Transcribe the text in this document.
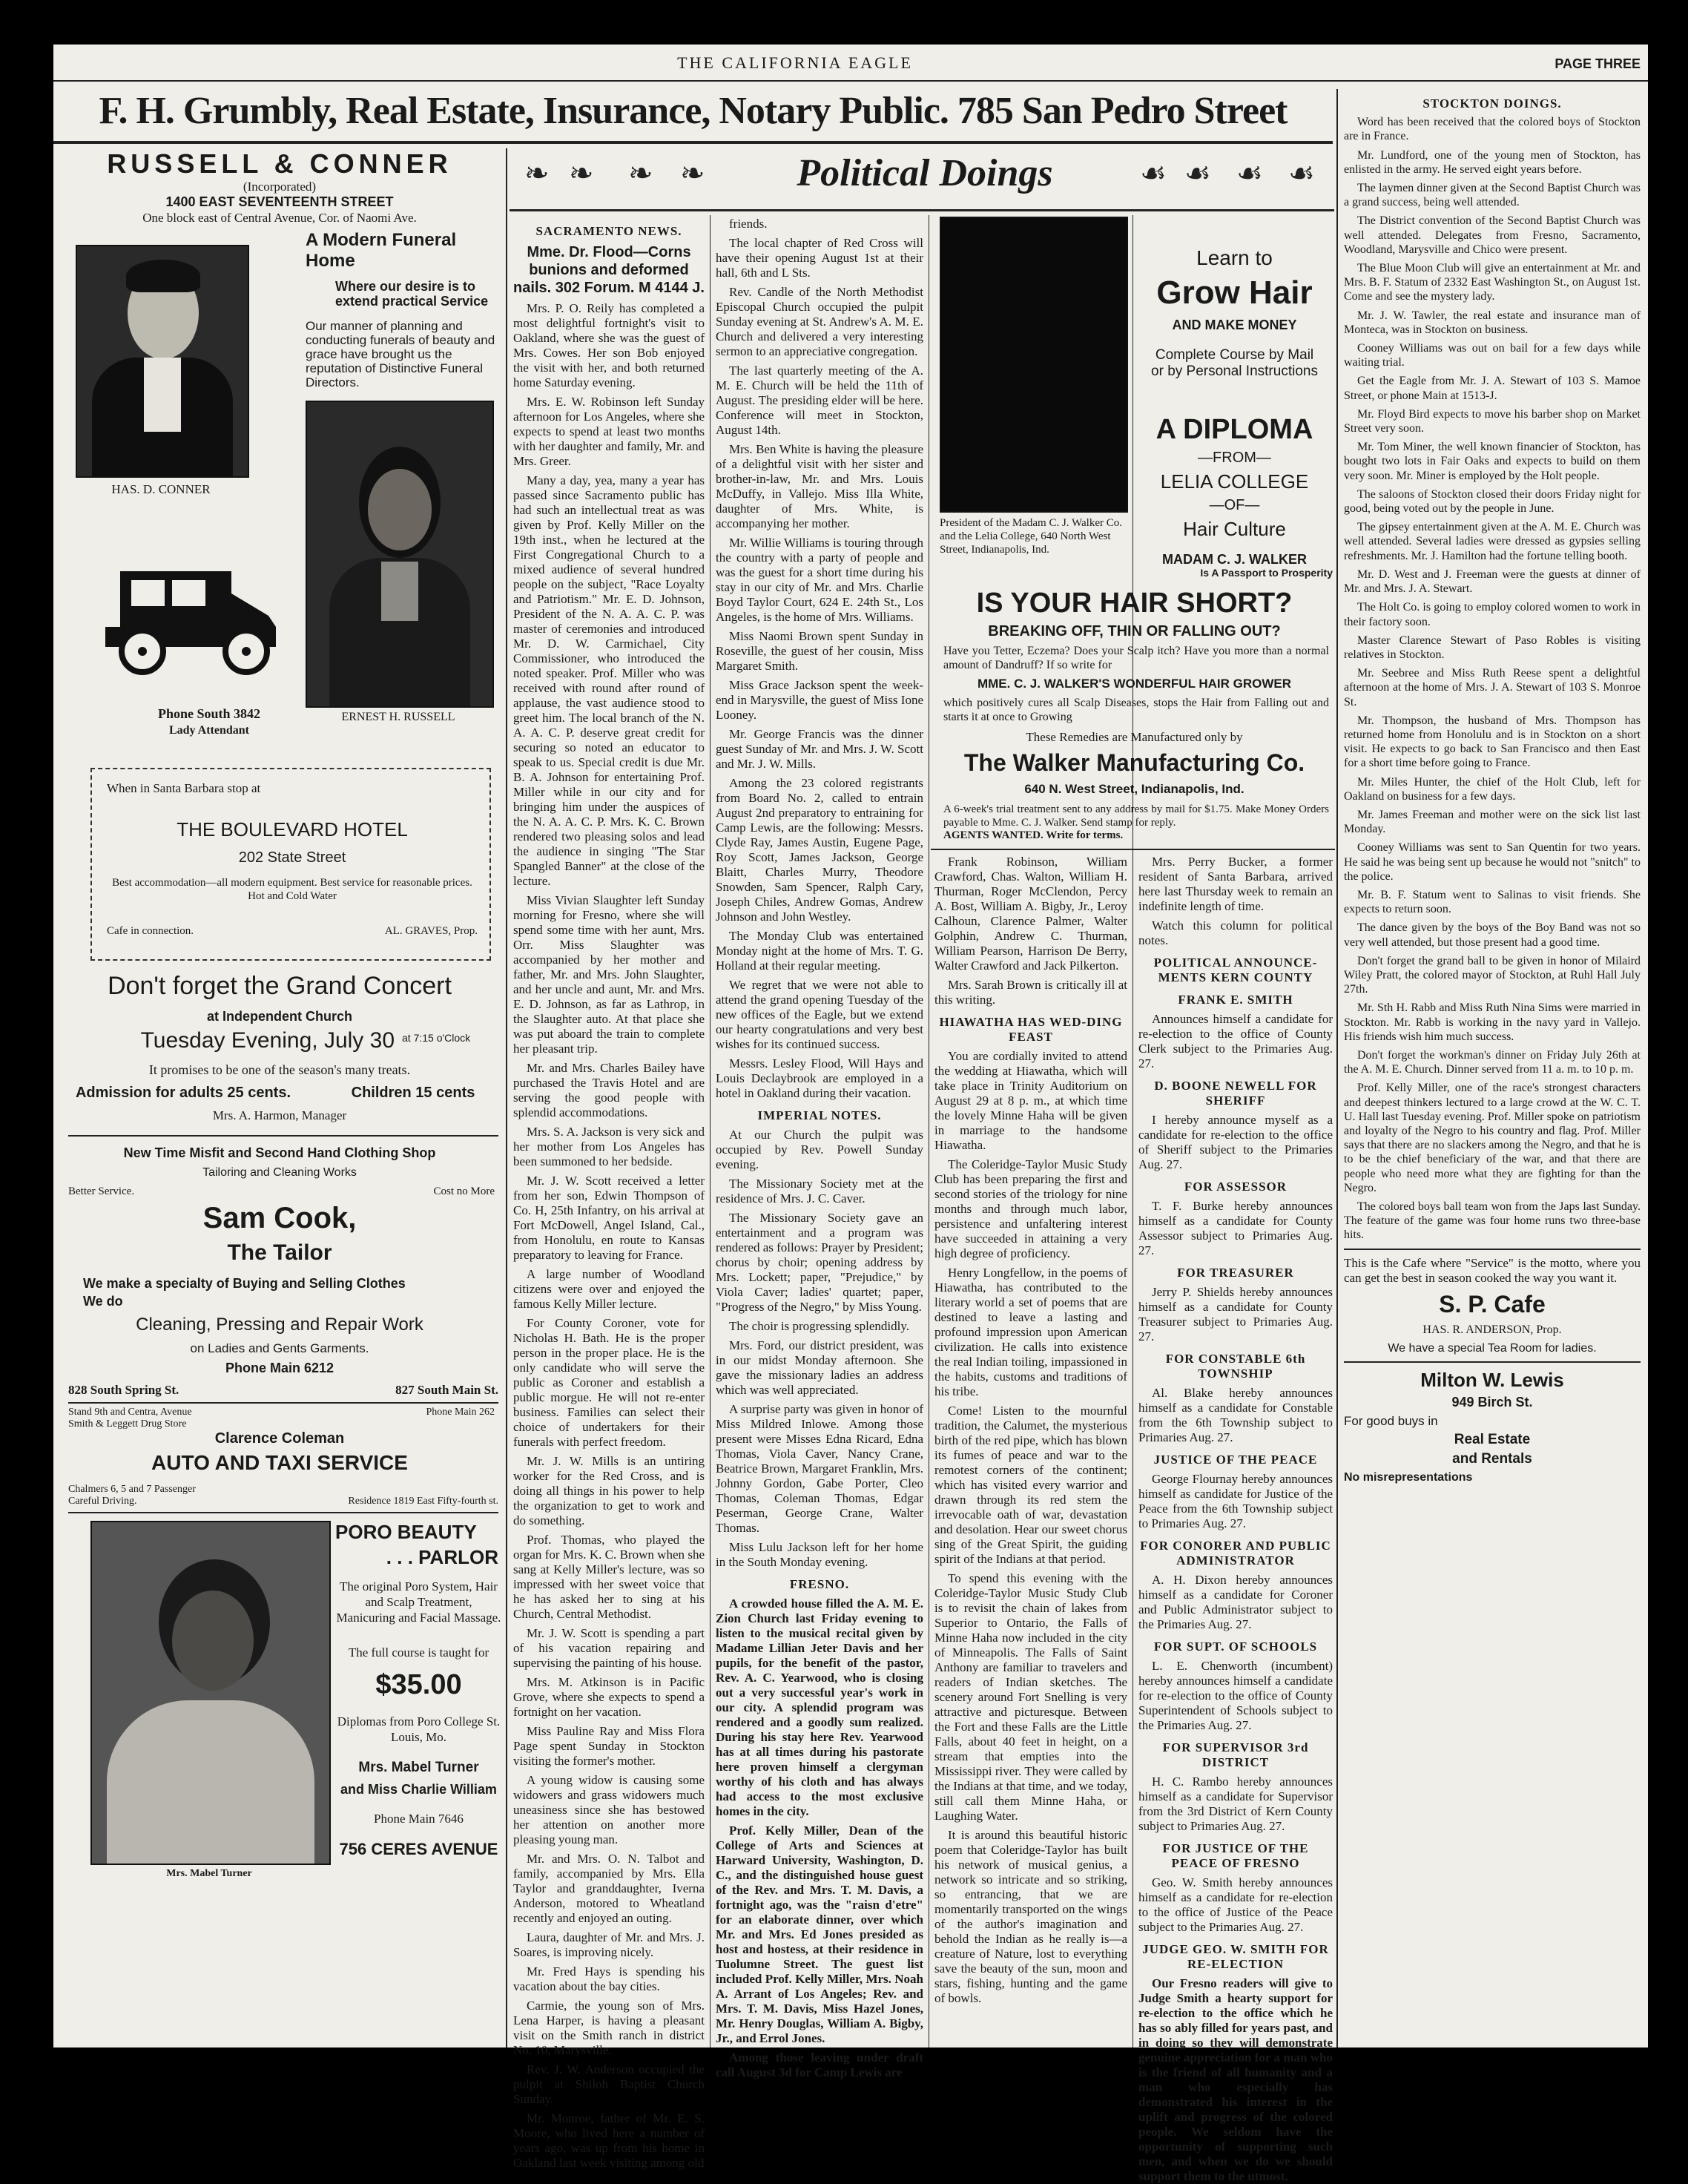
THE CALIFORNIA EAGLE	PAGE THREE
F. H. Grumbly, Real Estate, Insurance, Notary Public. 785 San Pedro Street
RUSSELL & CONNER
(Incorporated)
1400 EAST SEVENTEENTH STREET
One block east of Central Avenue, Cor. of Naomi Ave.
HAS. D. CONNER
A Modern Funeral Home
Where our desire is to extend practical Service
Our manner of planning and conducting funerals of beauty and grace have brought us the reputation of Distinctive Funeral Directors.
ERNEST H. RUSSELL
Phone South 3842
Lady Attendant
When in Santa Barbara stop at
THE BOULEVARD HOTEL
202 State Street
Best accommodation—all modern equipment. Best service for reasonable prices. Hot and Cold Water
Cafe in connection.	AL. GRAVES, Prop.
Don't forget the Grand Concert
at Independent Church
Tuesday Evening, July 30 at 7:15 o'Clock
It promises to be one of the season's many treats.
Admission for adults 25 cents.	Children 15 cents
Mrs. A. Harmon, Manager
New Time Misfit and Second Hand Clothing Shop
Tailoring and Cleaning Works
Better Service.	Cost no More
Sam Cook,
The Tailor
We make a specialty of Buying and Selling Clothes
We do
Cleaning, Pressing and Repair Work
on Ladies and Gents Garments.
Phone Main 6212
828 South Spring St.	827 South Main St.
Stand 9th and Centra, Avenue
Smith & Leggett Drug Store
Phone Main 262
Clarence Coleman
AUTO AND TAXI SERVICE
Chalmers 6, 5 and 7 Passenger
Careful Driving.	Residence 1819 East Fifty-fourth st.
Mrs. Mabel Turner
PORO BEAUTY
. . . PARLOR
The original Poro System, Hair and Scalp Treatment, Manicuring and Facial Massage.
The full course is taught for
$35.00
Diplomas from Poro College St. Louis, Mo.
Mrs. Mabel Turner
and Miss Charlie William
Phone Main 7646
756 CERES AVENUE
❧ ❧ ❧ ❧	Political Doings	☙ ☙ ☙ ☙

SACRAMENTO NEWS.

Mme. Dr. Flood—Corns bunions and deformed nails. 302 Forum. M 4144 J.

Mrs. P. O. Reily has completed a most delightful fortnight's visit to Oakland, where she was the guest of Mrs. Cowes. Her son Bob enjoyed the visit with her, and both returned home Saturday evening.

Mrs. E. W. Robinson left Sunday afternoon for Los Angeles, where she expects to spend at least two months with her daughter and family, Mr. and Mrs. Greer.

Many a day, yea, many a year has passed since Sacramento public has had such an intellectual treat as was given by Prof. Kelly Miller on the 19th inst., when he lectured at the First Congregational Church to a mixed audience of several hundred people on the subject, "Race Loyalty and Patriotism." Mr. E. D. Johnson, President of the N. A. A. C. P. was master of ceremonies and introduced Mr. D. W. Carmichael, City Commissioner, who introduced the noted speaker. Prof. Miller who was received with round after round of applause, the vast audience stood to greet him. The local branch of the N. A. A. C. P. deserve great credit for securing so noted an educator to speak to us. Special credit is due Mr. B. A. Johnson for entertaining Prof. Miller while in our city and for bringing him under the auspices of the N. A. A. C. P. Mrs. K. C. Brown rendered two pleasing solos and lead the audience in singing "The Star Spangled Banner" at the close of the lecture.

Miss Vivian Slaughter left Sunday morning for Fresno, where she will spend some time with her aunt, Mrs. Orr. Miss Slaughter was accompanied by her mother and father, Mr. and Mrs. John Slaughter, and her uncle and aunt, Mr. and Mrs. E. D. Johnson, as far as Lathrop, in the Slaughter auto. At that place she was put aboard the train to complete her pleasant trip.

Mr. and Mrs. Charles Bailey have purchased the Travis Hotel and are serving the good people with splendid accommodations.

Mrs. S. A. Jackson is very sick and her mother from Los Angeles has been summoned to her bedside.

Mr. J. W. Scott received a letter from her son, Edwin Thompson of Co. H, 25th Infantry, on his arrival at Fort McDowell, Angel Island, Cal., from Honolulu, en route to Kansas preparatory to leaving for France.

A large number of Woodland citizens were over and enjoyed the famous Kelly Miller lecture.

For County Coroner, vote for Nicholas H. Bath. He is the proper person in the proper place. He is the only candidate who will serve the public as Coroner and establish a public morgue. He will not re-enter business. Families can select their choice of undertakers for their funerals with perfect freedom.

Mr. J. W. Mills is an untiring worker for the Red Cross, and is doing all things in his power to help the organization to get to work and do something.

Prof. Thomas, who played the organ for Mrs. K. C. Brown when she sang at Kelly Miller's lecture, was so impressed with her sweet voice that he has asked her to sing at his Church, Central Methodist.

Mr. J. W. Scott is spending a part of his vacation repairing and supervising the painting of his house.

Mrs. M. Atkinson is in Pacific Grove, where she expects to spend a fortnight on her vacation.

Miss Pauline Ray and Miss Flora Page spent Sunday in Stockton visiting the former's mother.

A young widow is causing some widowers and grass widowers much uneasiness since she has bestowed her attention on another more pleasing young man.

Mr. and Mrs. O. N. Talbot and family, accompanied by Mrs. Ella Taylor and granddaughter, Iverna Anderson, motored to Wheatland recently and enjoyed an outing.

Laura, daughter of Mr. and Mrs. J. Soares, is improving nicely.

Mr. Fred Hays is spending his vacation about the bay cities.

Carmie, the young son of Mrs. Lena Harper, is having a pleasant visit on the Smith ranch in district No. 10, Marysville.

Rev. J. W. Anderson occupied the pulpit at Shiloh Baptist Church Sunday.

Mr. Monroe, father of Mr. E. S. Moore, who lived here a number of years ago, was up from his home in Oakland last week visiting among old

friends.

The local chapter of Red Cross will have their opening August 1st at their hall, 6th and L Sts.

Rev. Candle of the North Methodist Episcopal Church occupied the pulpit Sunday evening at St. Andrew's A. M. E. Church and delivered a very interesting sermon to an appreciative congregation.

The last quarterly meeting of the A. M. E. Church will be held the 11th of August. The presiding elder will be here. Conference will meet in Stockton, August 14th.

Mrs. Ben White is having the pleasure of a delightful visit with her sister and brother-in-law, Mr. and Mrs. Louis McDuffy, in Vallejo. Miss Illa White, daughter of Mrs. White, is accompanying her mother.

Mr. Willie Williams is touring through the country with a party of people and was the guest for a short time during his stay in our city of Mr. and Mrs. Charlie Boyd Taylor Court, 624 E. 24th St., Los Angeles, is the home of Mrs. Williams.

Miss Naomi Brown spent Sunday in Roseville, the guest of her cousin, Miss Margaret Smith.

Miss Grace Jackson spent the week-end in Marysville, the guest of Miss Ione Looney.

Mr. George Francis was the dinner guest Sunday of Mr. and Mrs. J. W. Scott and Mr. J. W. Mills.

Among the 23 colored registrants from Board No. 2, called to entrain August 2nd preparatory to entraining for Camp Lewis, are the following: Messrs. Clyde Ray, James Austin, Eugene Page, Roy Scott, James Jackson, George Blaitt, Charles Murry, Theodore Snowden, Sam Spencer, Ralph Cary, Joseph Chiles, Andrew Gomas, Andrew Johnson and John Westley.

The Monday Club was entertained Monday night at the home of Mrs. T. G. Holland at their regular meeting.

We regret that we were not able to attend the grand opening Tuesday of the new offices of the Eagle, but we extend our hearty congratulations and very best wishes for its continued success.

Messrs. Lesley Flood, Will Hays and Louis Declaybrook are employed in a hotel in Oakland during their vacation.

IMPERIAL NOTES.

At our Church the pulpit was occupied by Rev. Powell Sunday evening.

The Missionary Society met at the residence of Mrs. J. C. Caver.

The Missionary Society gave an entertainment and a program was rendered as follows: Prayer by President; chorus by choir; opening address by Mrs. Lockett; paper, "Prejudice," by Viola Caver; ladies' quartet; paper, "Progress of the Negro," by Miss Young.

The choir is progressing splendidly.

Mrs. Ford, our district president, was in our midst Monday afternoon. She gave the missionary ladies an address which was well appreciated.

A surprise party was given in honor of Miss Mildred Inlowe. Among those present were Misses Edna Ricard, Edna Thomas, Viola Caver, Nancy Crane, Beatrice Brown, Margaret Franklin, Mrs. Johnny Gordon, Gabe Porter, Cleo Thomas, Coleman Thomas, Edgar Peserman, George Crane, Walter Thomas.

Miss Lulu Jackson left for her home in the South Monday evening.

FRESNO.

A crowded house filled the A. M. E. Zion Church last Friday evening to listen to the musical recital given by Madame Lillian Jeter Davis and her pupils, for the benefit of the pastor, Rev. A. C. Yearwood, who is closing out a very successful year's work in our city. A splendid program was rendered and a goodly sum realized. During his stay here Rev. Yearwood has at all times during his pastorate here proven himself a clergyman worthy of his cloth and has always had access to the most exclusive homes in the city.

Prof. Kelly Miller, Dean of the College of Arts and Sciences at Harward University, Washington, D. C., and the distinguished house guest of the Rev. and Mrs. T. M. Davis, a fortnight ago, was the "raisn d'etre" for an elaborate dinner, over which Mr. and Mrs. Ed Jones presided as host and hostess, at their residence in Tuolumne Street. The guest list included Prof. Kelly Miller, Mrs. Noah A. Arrant of Los Angeles; Rev. and Mrs. T. M. Davis, Miss Hazel Jones, Mr. Henry Douglas, William A. Bigby, Jr., and Errol Jones.

Among those leaving under draft call August 3d for Camp Lewis are

Learn to
Grow Hair
AND MAKE MONEY
Complete Course by Mail or by Personal Instructions
A DIPLOMA
—FROM—
LELIA COLLEGE
—OF—
Hair Culture
MADAM C. J. WALKER
Is A Passport to Prosperity
President of the Madam C. J. Walker Co. and the Lelia College, 640 North West Street, Indianapolis, Ind.
IS YOUR HAIR SHORT?
BREAKING OFF, THIN OR FALLING OUT?
Have you Tetter, Eczema? Does your Scalp itch? Have you more than a normal amount of Dandruff? If so write for
MME. C. J. WALKER'S WONDERFUL HAIR GROWER
which positively cures all Scalp Diseases, stops the Hair from Falling out and starts it at once to Growing
These Remedies are Manufactured only by
The Walker Manufacturing Co.
640 N. West Street, Indianapolis, Ind.
A 6-week's trial treatment sent to any address by mail for $1.75. Make Money Orders payable to Mme. C. J. Walker. Send stamp for reply.
AGENTS WANTED. Write for terms.

Frank Robinson, William Crawford, Chas. Walton, William H. Thurman, Roger McClendon, Percy A. Bost, William A. Bigby, Jr., Leroy Calhoun, Clarence Palmer, Walter Golphin, Andrew C. Thurman, William Pearson, Harrison De Berry, Walter Crawford and Jack Pilkerton.

Mrs. Sarah Brown is critically ill at this writing.

HIAWATHA HAS WED-DING FEAST

You are cordially invited to attend the wedding at Hiawatha, which will take place in Trinity Auditorium on August 29 at 8 p. m., at which time the lovely Minne Haha will be given in marriage to the handsome Hiawatha.

The Coleridge-Taylor Music Study Club has been preparing the first and second stories of the triology for nine months and through much labor, persistence and unfaltering interest have succeeded in attaining a very high degree of proficiency.

Henry Longfellow, in the poems of Hiawatha, has contributed to the literary world a set of poems that are destined to leave a lasting and profound impression upon American civilization. He calls into existence the real Indian toiling, impassioned in the habits, customs and traditions of his tribe.

Come! Listen to the mournful tradition, the Calumet, the mysterious birth of the red pipe, which has blown its fumes of peace and war to the remotest corners of the continent; which has visited every warrior and drawn through its red stem the irrevocable oath of war, devastation and desolation. Hear our sweet chorus sing of the Great Spirit, the guiding spirit of the Indians at that period.

To spend this evening with the Coleridge-Taylor Music Study Club is to revisit the chain of lakes from Superior to Ontario, the Falls of Minne Haha now included in the city of Minneapolis. The Falls of Saint Anthony are familiar to travelers and readers of Indian sketches. The scenery around Fort Snelling is very attractive and picturesque. Between the Fort and these Falls are the Little Falls, about 40 feet in height, on a stream that empties into the Mississippi river. They were called by the Indians at that time, and we today, still call them Minne Haha, or Laughing Water.

It is around this beautiful historic poem that Coleridge-Taylor has built his network of musical genius, a network so intricate and so striking, so entrancing, that we are momentarily transported on the wings of the author's imagination and behold the Indian as he really is—a creature of Nature, lost to everything save the beauty of the sun, moon and stars, fishing, hunting and the game of bowls.

Mrs. Perry Bucker, a former resident of Santa Barbara, arrived here last Thursday week to remain an indefinite length of time.

Watch this column for political notes.

POLITICAL ANNOUNCE-MENTS KERN COUNTY

FRANK E. SMITH

Announces himself a candidate for re-election to the office of County Clerk subject to the Primaries Aug. 27.

D. BOONE NEWELL FOR SHERIFF

I hereby announce myself as a candidate for re-election to the office of Sheriff subject to the Primaries Aug. 27.

FOR ASSESSOR

T. F. Burke hereby announces himself as a candidate for County Assessor subject to Primaries Aug. 27.

FOR TREASURER

Jerry P. Shields hereby announces himself as a candidate for County Treasurer subject to Primaries Aug. 27.

FOR CONSTABLE 6th TOWNSHIP

Al. Blake hereby announces himself as a candidate for Constable from the 6th Township subject to Primaries Aug. 27.

JUSTICE OF THE PEACE

George Flournay hereby announces himself as candidate for Justice of the Peace from the 6th Township subject to Primaries Aug. 27.

FOR CONORER AND PUBLIC ADMINISTRATOR

A. H. Dixon hereby announces himself as a candidate for Coroner and Public Administrator subject to the Primaries Aug. 27.

FOR SUPT. OF SCHOOLS

L. E. Chenworth (incumbent) hereby announces himself a candidate for re-election to the office of County Superintendent of Schools subject to the Primaries Aug. 27.

FOR SUPERVISOR 3rd DISTRICT

H. C. Rambo hereby announces himself as a candidate for Supervisor from the 3rd District of Kern County subject to Primaries Aug. 27.

FOR JUSTICE OF THE PEACE OF FRESNO

Geo. W. Smith hereby announces himself as a candidate for re-election to the office of Justice of the Peace subject to the Primaries Aug. 27.

JUDGE GEO. W. SMITH FOR RE-ELECTION

Our Fresno readers will give to Judge Smith a hearty support for re-election to the office which he has so ably filled for years past, and in doing so they will demonstrate genuine appreciation for a man who is the friend of all humanity and a man who especially has demonstrated his interest in the uplift and progress of the colored people. We seldom have the opportunity of supporting such men, and when we do we should support them to the utmost.

STOCKTON DOINGS.

Word has been received that the colored boys of Stockton are in France.

Mr. Lundford, one of the young men of Stockton, has enlisted in the army. He served eight years before.

The laymen dinner given at the Second Baptist Church was a grand success, being well attended.

The District convention of the Second Baptist Church was well attended. Delegates from Fresno, Sacramento, Woodland, Marysville and Chico were present.

The Blue Moon Club will give an entertainment at Mr. and Mrs. B. F. Statum of 2332 East Washington St., on August 1st. Come and see the mystery lady.

Mr. J. W. Tawler, the real estate and insurance man of Monteca, was in Stockton on business.

Cooney Williams was out on bail for a few days while waiting trial.

Get the Eagle from Mr. J. A. Stewart of 103 S. Mamoe Street, or phone Main at 1513-J.

Mr. Floyd Bird expects to move his barber shop on Market Street very soon.

Mr. Tom Miner, the well known financier of Stockton, has bought two lots in Fair Oaks and expects to build on them very soon. Mr. Miner is employed by the Holt people.

The saloons of Stockton closed their doors Friday night for good, being voted out by the people in June.

The gipsey entertainment given at the A. M. E. Church was well attended. Several ladies were dressed as gypsies selling refreshments. Mr. J. Hamilton had the fortune telling booth.

Mr. D. West and J. Freeman were the guests at dinner of Mr. and Mrs. J. A. Stewart.

The Holt Co. is going to employ colored women to work in their factory soon.

Master Clarence Stewart of Paso Robles is visiting relatives in Stockton.

Mr. Seebree and Miss Ruth Reese spent a delightful afternoon at the home of Mrs. J. A. Stewart of 103 S. Monroe St.

Mr. Thompson, the husband of Mrs. Thompson has returned home from Honolulu and is in Stockton on a short visit. He expects to go back to San Francisco and then East for a short time before going to France.

Mr. Miles Hunter, the chief of the Holt Club, left for Oakland on business for a few days.

Mr. James Freeman and mother were on the sick list last Monday.

Cooney Williams was sent to San Quentin for two years. He said he was being sent up because he would not "snitch" to the police.

Mr. B. F. Statum went to Salinas to visit friends. She expects to return soon.

The dance given by the boys of the Boy Band was not so very well attended, but those present had a good time.

Don't forget the grand ball to be given in honor of Milaird Wiley Pratt, the colored mayor of Stockton, at Ruhl Hall July 27th.

Mr. Sth H. Rabb and Miss Ruth Nina Sims were married in Stockton. Mr. Rabb is working in the navy yard in Vallejo. His friends wish him much success.

Don't forget the workman's dinner on Friday July 26th at the A. M. E. Church. Dinner served from 11 a. m. to 10 p. m.

Prof. Kelly Miller, one of the race's strongest characters and deepest thinkers lectured to a large crowd at the W. C. T. U. Hall last Tuesday evening. Prof. Miller spoke on patriotism and loyalty of the Negro to his country and flag. Prof. Miller says that there are no slackers among the Negro, and that he is to be the chief beneficiary of the war, and that there are people who need more what they are fighting for than the Negro.

The colored boys ball team won from the Japs last Sunday. The feature of the game was four home runs two three-base hits.

This is the Cafe where "Service" is the motto, where you can get the best in season cooked the way you want it.

S. P. Cafe

HAS. R. ANDERSON, Prop.

We have a special Tea Room for ladies.

Milton W. Lewis

949 Birch St.

For good buys in

Real Estate

and Rentals

No misrepresentations
